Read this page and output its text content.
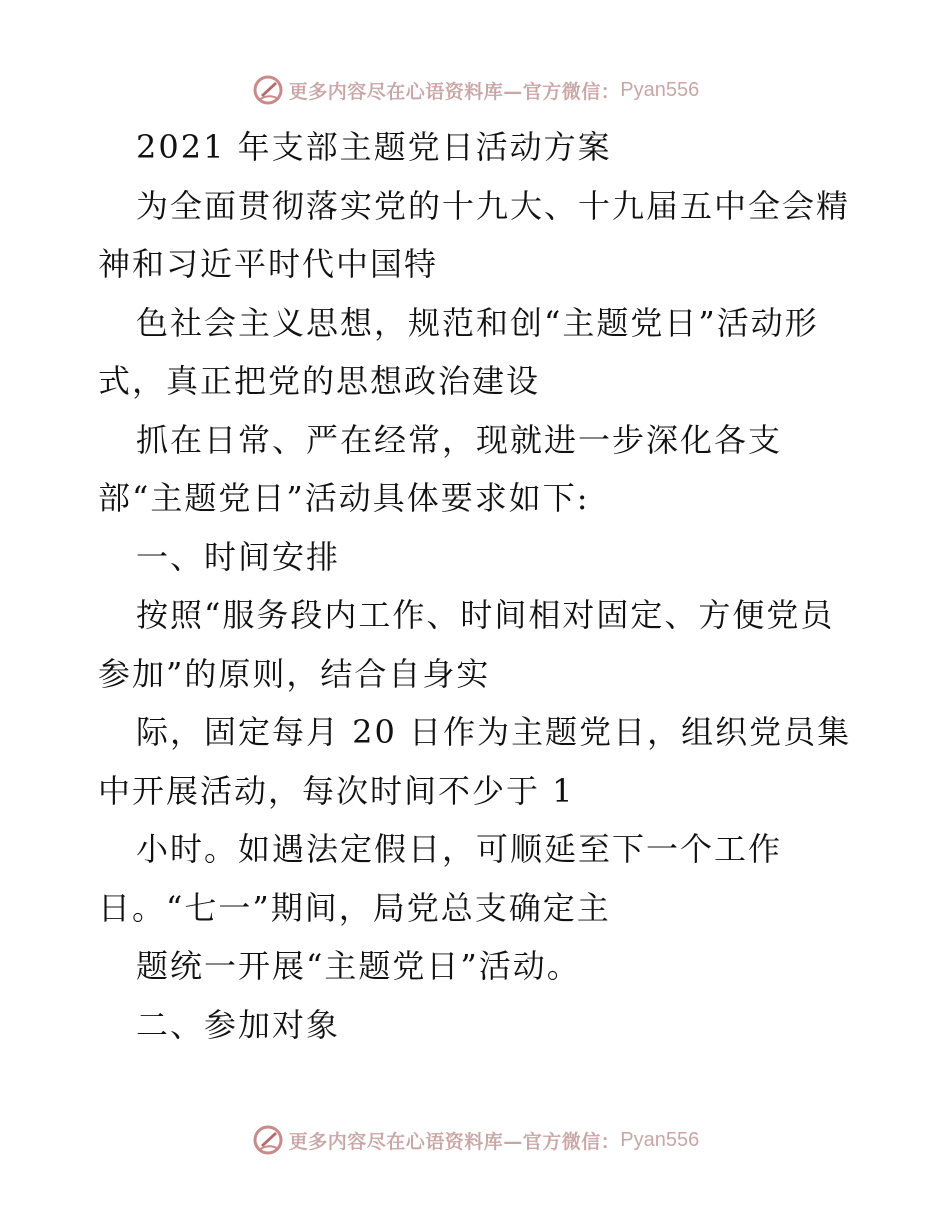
更多内容尽在心语资料库—官方微信： Pyan556
2021 年支部主题党日活动方案
为全面贯彻落实党的十九大、十九届五中全会精
神和习近平时代中国特
色社会主义思想，规范和创“主题党日”活动形
式，真正把党的思想政治建设
抓在日常、严在经常，现就进一步深化各支
部“主题党日”活动具体要求如下:
一、时间安排
按照“服务段内工作、时间相对固定、方便党员
参加”的原则，结合自身实
际，固定每月 20 日作为主题党日，组织党员集
中开展活动，每次时间不少于 1
小时。如遇法定假日，可顺延至下一个工作
日。“七一”期间，局党总支确定主
题统一开展“主题党日”活动。
二、参加对象
更多内容尽在心语资料库—官方微信： Pyan556
